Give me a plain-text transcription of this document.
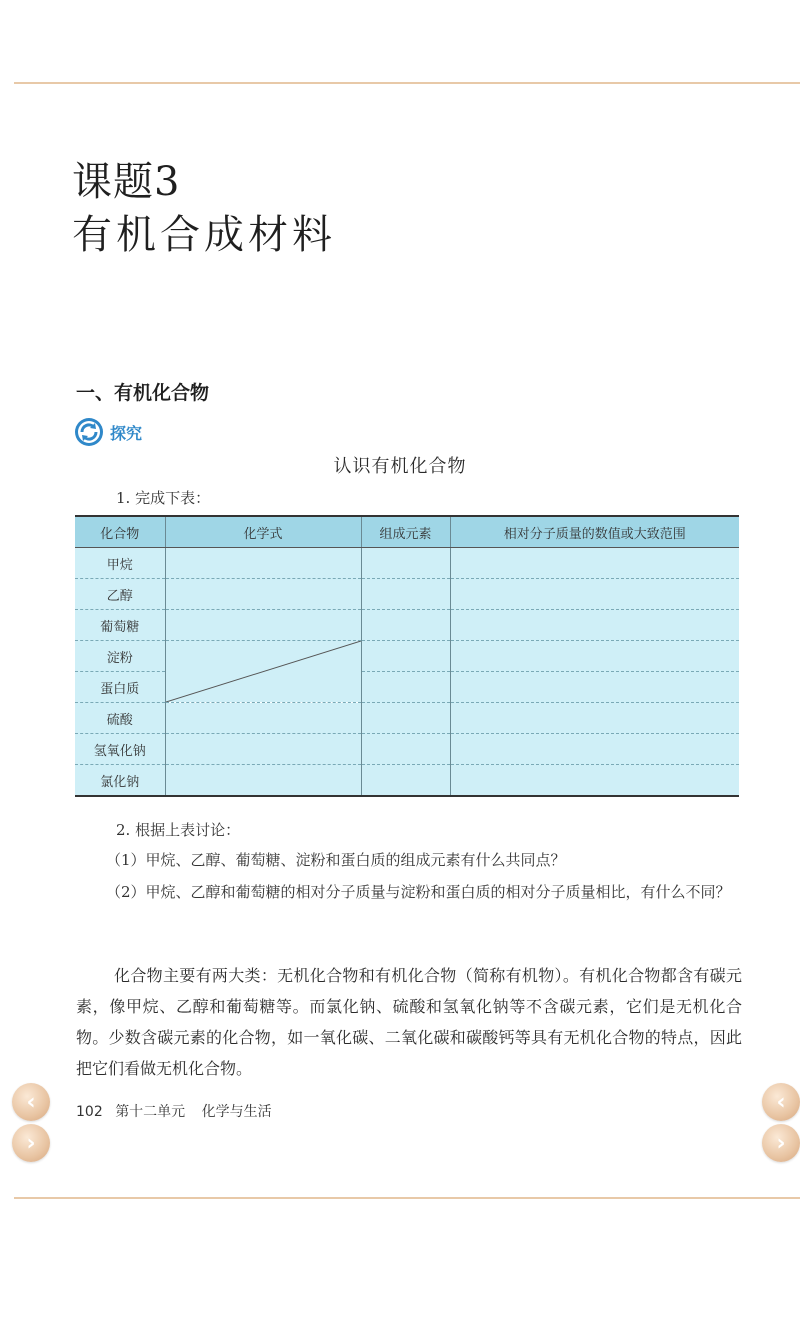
课题3
有机合成材料
一、有机化合物
探究
认识有机化合物
1. 完成下表：
化合物	化学式	组成元素	相对分子质量的数值或大致范围
甲烷			
乙醇			
葡萄糖			
淀粉	

蛋白质			
硫酸			
氢氧化钠			
氯化钠			
2. 根据上表讨论：
（1）甲烷、乙醇、葡萄糖、淀粉和蛋白质的组成元素有什么共同点？
（2）甲烷、乙醇和葡萄糖的相对分子质量与淀粉和蛋白质的相对分子质量相比，有什么不同？
化合物主要有两大类：无机化合物和有机化合物（简称有机物）。有机化合物都含有碳元素，像甲烷、乙醇和葡萄糖等。而氯化钠、硫酸和氢氧化钠等不含碳元素，它们是无机化合物。少数含碳元素的化合物，如一氧化碳、二氧化碳和碳酸钙等具有无机化合物的特点，因此把它们看做无机化合物。
102 第十二单元 化学与生活
‹
›
‹
›
